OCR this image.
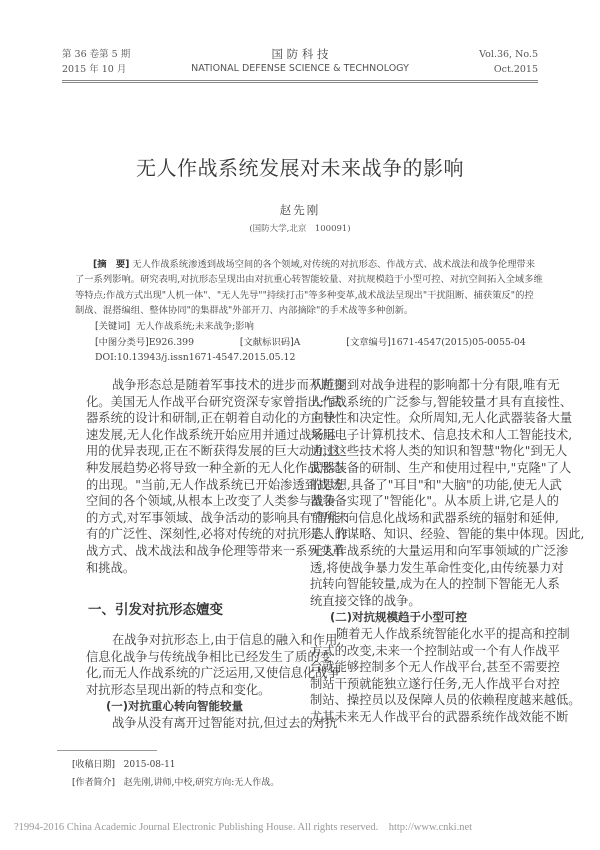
第 36 卷第 5 期
2015 年 10 月
国 防 科 技
NATIONAL DEFENSE SCIENCE & TECHNOLOGY
Vol.36, No.5
Oct.2015
无人作战系统发展对未来战争的影响
赵先刚
(国防大学,北京　100091)
[摘　要] 无人作战系统渗透到战场空间的各个领域,对传统的对抗形态、作战方式、战术战法和战争伦理带来
了一系列影响。研究表明,对抗形态呈现出由对抗重心转智能较量、对抗规模趋于小型可控、对抗空间拓入全域多维
等特点;作战方式出现"人机一体"、"无人先导""持续打击"等多种变革,战术战法呈现出"干扰阻断、捕获策反"的控
制战、混搭编组、整体协同"的集群战"外部开刀、内部摘除"的手术战等多种创新。
[关键词] 无人作战系统;未来战争;影响
[中图分类号]E926.399	[文献标识码]A	[文章编号]1671-4547(2015)05-0055-04
DOI:10.13943/j.issn1671-4547.2015.05.12
战争形态总是随着军事技术的进步而不断变
化。美国无人作战平台研究资深专家曾指出:"武
器系统的设计和研制,正在朝着自动化的方向快
速发展,无人化作战系统开始应用并通过战场运
用的优异表现,正在不断获得发展的巨大动力,这
种发展趋势必将导致一种全新的无人化作战形态
的出现。"当前,无人作战系统已开始渗透到战场
空间的各个领域,从根本上改变了人类参与战争
的方式,对军事领域、战争活动的影响具有前所未
有的广泛性、深刻性,必将对传统的对抗形态、作
战方式、战术战法和战争伦理等带来一系列变革
和挑战。
一、引发对抗形态嬗变
在战争对抗形态上,由于信息的融入和作用,
信息化战争与传统战争相比已经发生了质的变
化,而无人作战系统的广泛运用,又使信息化战争
对抗形态呈现出新的特点和变化。
(一)对抗重心转向智能较量
战争从没有离开过智能对抗,但过去的对抗
从范围到对战争进程的影响都十分有限,唯有无
人作战系统的广泛参与,智能较量才具有直接性、
主导性和决定性。众所周知,无人化武器装备大量
采用电子计算机技术、信息技术和人工智能技术,
通过这些技术将人类的知识和智慧"物化"到无人
武器装备的研制、生产和使用过程中,"克隆"了人
的思想,具备了"耳目"和"大脑"的功能,使无人武
器装备实现了"智能化"。从本质上讲,它是人的
"智能"向信息化战场和武器系统的辐射和延伸,
是人的谋略、知识、经验、智能的集中体现。因此,
无人作战系统的大量运用和向军事领域的广泛渗
透,将使战争暴力发生革命性变化,由传统暴力对
抗转向智能较量,成为在人的控制下智能无人系
统直接交锋的战争。
(二)对抗规模趋于小型可控
随着无人作战系统智能化水平的提高和控制
方式的改变,未来一个控制站或一个有人作战平
台就能够控制多个无人作战平台,甚至不需要控
制站干预就能独立遂行任务,无人作战平台对控
制站、操控员以及保障人员的依赖程度越来越低。
尤其未来无人作战平台的武器系统作战效能不断
[收稿日期] 2015-08-11
[作者简介] 赵先刚,讲师,中校,研究方向:无人作战。
?1994-2016 China Academic Journal Electronic Publishing House. All rights reserved.　http://www.cnki.net
